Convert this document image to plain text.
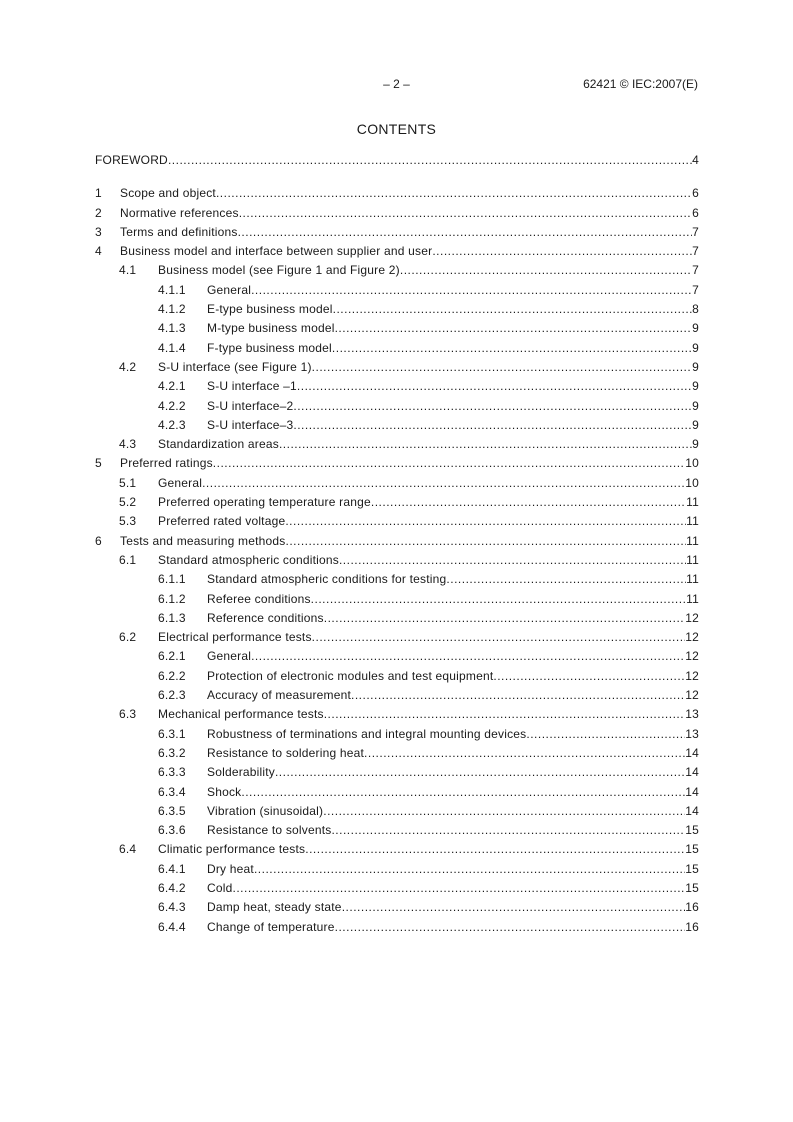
– 2 –	62421 © IEC:2007(E)
CONTENTS
FOREWORD .....	4
1	Scope and object .....	6
2	Normative references .....	6
3	Terms and definitions .....	7
4	Business model and interface between supplier and user .....	7
4.1	Business model (see Figure 1 and Figure 2) .....	7
4.1.1	General .....	7
4.1.2	E-type business model .....	8
4.1.3	M-type business model .....	9
4.1.4	F-type business model .....	9
4.2	S-U interface (see Figure 1) .....	9
4.2.1	S-U interface –1 .....	9
4.2.2	S-U interface–2 .....	9
4.2.3	S-U interface–3 .....	9
4.3	Standardization areas .....	9
5	Preferred ratings .....	10
5.1	General .....	10
5.2	Preferred operating temperature range .....	11
5.3	Preferred rated voltage .....	11
6	Tests and measuring methods .....	11
6.1	Standard atmospheric conditions .....	11
6.1.1	Standard atmospheric conditions for testing .....	11
6.1.2	Referee conditions .....	11
6.1.3	Reference conditions .....	12
6.2	Electrical performance tests .....	12
6.2.1	General .....	12
6.2.2	Protection of electronic modules and test equipment .....	12
6.2.3	Accuracy of measurement .....	12
6.3	Mechanical performance tests .....	13
6.3.1	Robustness of terminations and integral mounting devices .....	13
6.3.2	Resistance to soldering heat .....	14
6.3.3	Solderability .....	14
6.3.4	Shock .....	14
6.3.5	Vibration (sinusoidal) .....	14
6.3.6	Resistance to solvents .....	15
6.4	Climatic performance tests .....	15
6.4.1	Dry heat .....	15
6.4.2	Cold .....	15
6.4.3	Damp heat, steady state .....	16
6.4.4	Change of temperature .....	16
